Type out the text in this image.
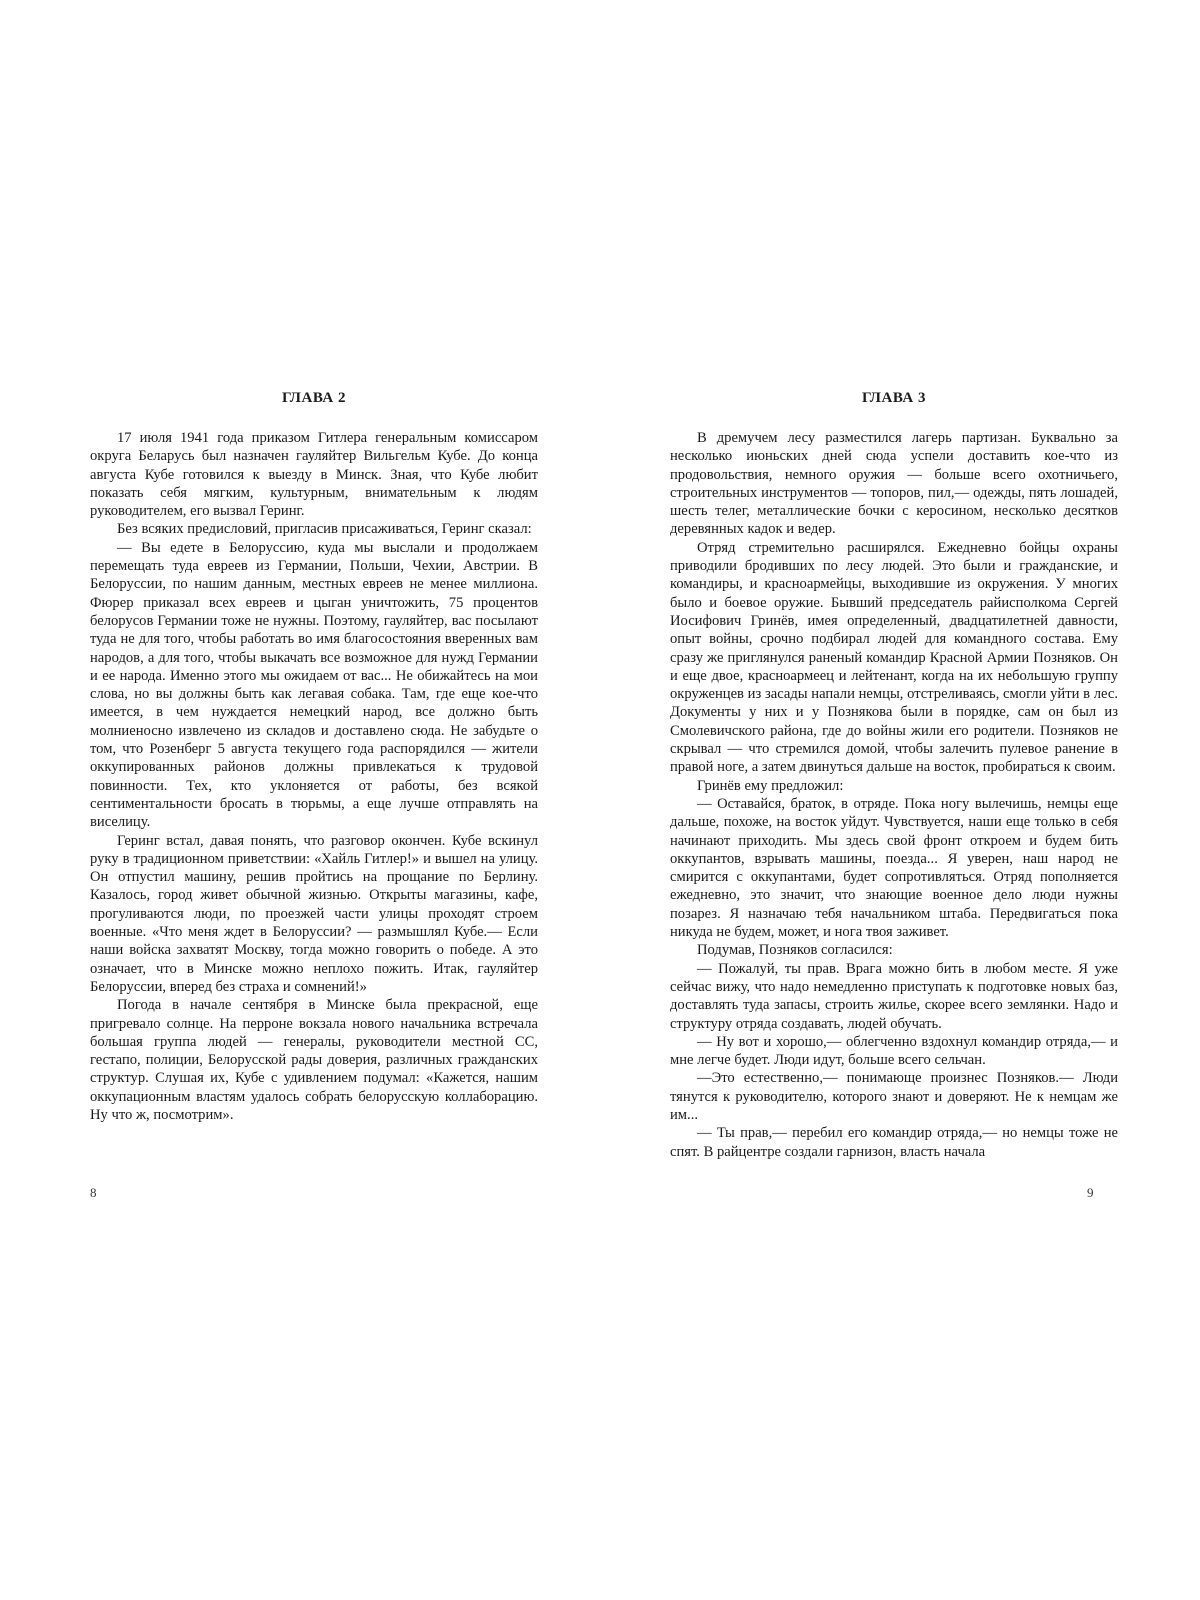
ГЛАВА 2

17 июля 1941 года приказом Гитлера генеральным комиссаром округа Беларусь был назначен гауляйтер Вильгельм Кубе. До конца августа Кубе готовился к выезду в Минск. Зная, что Кубе любит показать себя мягким, культурным, внимательным к людям руководителем, его вызвал Геринг.

Без всяких предисловий, пригласив присаживаться, Геринг сказал:

— Вы едете в Белоруссию, куда мы выслали и продолжаем перемещать туда евреев из Германии, Польши, Чехии, Австрии. В Белоруссии, по нашим данным, местных евреев не менее миллиона. Фюрер приказал всех евреев и цыган уничтожить, 75 процентов белорусов Германии тоже не нужны. Поэтому, гауляйтер, вас посылают туда не для того, чтобы работать во имя благосостояния вверенных вам народов, а для того, чтобы выкачать все возможное для нужд Германии и ее народа. Именно этого мы ожидаем от вас... Не обижайтесь на мои слова, но вы должны быть как легавая собака. Там, где еще кое-что имеется, в чем нуждается немецкий народ, все должно быть молниеносно извлечено из складов и доставлено сюда. Не забудьте о том, что Розенберг 5 августа текущего года распорядился — жители оккупированных районов должны привлекаться к трудовой повинности. Тех, кто уклоняется от работы, без всякой сентиментальности бросать в тюрьмы, а еще лучше отправлять на виселицу.

Геринг встал, давая понять, что разговор окончен. Кубе вскинул руку в традиционном приветствии: «Хайль Гитлер!» и вышел на улицу. Он отпустил машину, решив пройтись на прощание по Берлину. Казалось, город живет обычной жизнью. Открыты магазины, кафе, прогуливаются люди, по проезжей части улицы проходят строем военные. «Что меня ждет в Белоруссии? — размышлял Кубе.— Если наши войска захватят Москву, тогда можно говорить о победе. А это означает, что в Минске можно неплохо пожить. Итак, гауляйтер Белоруссии, вперед без страха и сомнений!»

Погода в начале сентября в Минске была прекрасной, еще пригревало солнце. На перроне вокзала нового начальника встречала большая группа людей — генералы, руководители местной СС, гестапо, полиции, Белорусской рады доверия, различных гражданских структур. Слушая их, Кубе с удивлением подумал: «Кажется, нашим оккупационным властям удалось собрать белорусскую коллаборацию. Ну что ж, посмотрим».

ГЛАВА 3

В дремучем лесу разместился лагерь партизан. Буквально за несколько июньских дней сюда успели доставить кое-что из продовольствия, немного оружия — больше всего охотничьего, строительных инструментов — топоров, пил,— одежды, пять лошадей, шесть телег, металлические бочки с керосином, несколько десятков деревянных кадок и ведер.

Отряд стремительно расширялся. Ежедневно бойцы охраны приводили бродивших по лесу людей. Это были и гражданские, и командиры, и красноармейцы, выходившие из окружения. У многих было и боевое оружие. Бывший председатель райисполкома Сергей Иосифович Гринёв, имея определенный, двадцатилетней давности, опыт войны, срочно подбирал людей для командного состава. Ему сразу же приглянулся раненый командир Красной Армии Позняков. Он и еще двое, красноармеец и лейтенант, когда на их небольшую группу окруженцев из засады напали немцы, отстреливаясь, смогли уйти в лес. Документы у них и у Познякова были в порядке, сам он был из Смолевичского района, где до войны жили его родители. Позняков не скрывал — что стремился домой, чтобы залечить пулевое ранение в правой ноге, а затем двинуться дальше на восток, пробираться к своим.

Гринёв ему предложил:

— Оставайся, браток, в отряде. Пока ногу вылечишь, немцы еще дальше, похоже, на восток уйдут. Чувствуется, наши еще только в себя начинают приходить. Мы здесь свой фронт откроем и будем бить оккупантов, взрывать машины, поезда... Я уверен, наш народ не смирится с оккупантами, будет сопротивляться. Отряд пополняется ежедневно, это значит, что знающие военное дело люди нужны позарез. Я назначаю тебя начальником штаба. Передвигаться пока никуда не будем, может, и нога твоя заживет.

Подумав, Позняков согласился:

— Пожалуй, ты прав. Врага можно бить в любом месте. Я уже сейчас вижу, что надо немедленно приступать к подготовке новых баз, доставлять туда запасы, строить жилье, скорее всего землянки. Надо и структуру отряда создавать, людей обучать.

— Ну вот и хорошо,— облегченно вздохнул командир отряда,— и мне легче будет. Люди идут, больше всего сельчан.

—Это естественно,— понимающе произнес Позняков.— Люди тянутся к руководителю, которого знают и доверяют. Не к немцам же им...

— Ты прав,— перебил его командир отряда,— но немцы тоже не спят. В райцентре создали гарнизон, власть начала

8	9
